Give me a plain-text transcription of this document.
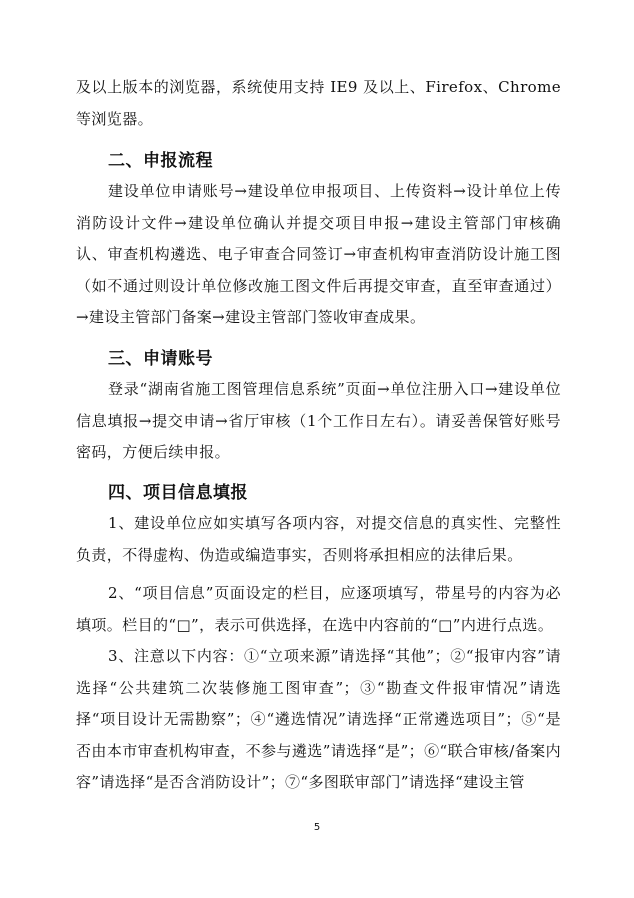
及以上版本的浏览器，系统使用支持 IE9 及以上、Firefox、Chrome 等浏览器。

二、申报流程

建设单位申请账号→建设单位申报项目、上传资料→设计单位上传消防设计文件→建设单位确认并提交项目申报→建设主管部门审核确认、审查机构遴选、电子审查合同签订→审查机构审查消防设计施工图（如不通过则设计单位修改施工图文件后再提交审查，直至审查通过）→建设主管部门备案→建设主管部门签收审查成果。

三、申请账号

登录“湖南省施工图管理信息系统”页面→单位注册入口→建设单位信息填报→提交申请→省厅审核（1个工作日左右）。请妥善保管好账号密码，方便后续申报。

四、项目信息填报

1、建设单位应如实填写各项内容，对提交信息的真实性、完整性负责，不得虚构、伪造或编造事实，否则将承担相应的法律后果。

2、“项目信息”页面设定的栏目，应逐项填写，带星号的内容为必填项。栏目的“□”，表示可供选择，在选中内容前的“□”内进行点选。

3、注意以下内容：①“立项来源”请选择“其他”；②“报审内容”请选择“公共建筑二次装修施工图审查”；③“勘查文件报审情况”请选择“项目设计无需勘察”；④“遴选情况”请选择“正常遴选项目”；⑤“是否由本市审查机构审查，不参与遴选”请选择“是”；⑥“联合审核/备案内容”请选择“是否含消防设计”；⑦“多图联审部门”请选择“建设主管

5
